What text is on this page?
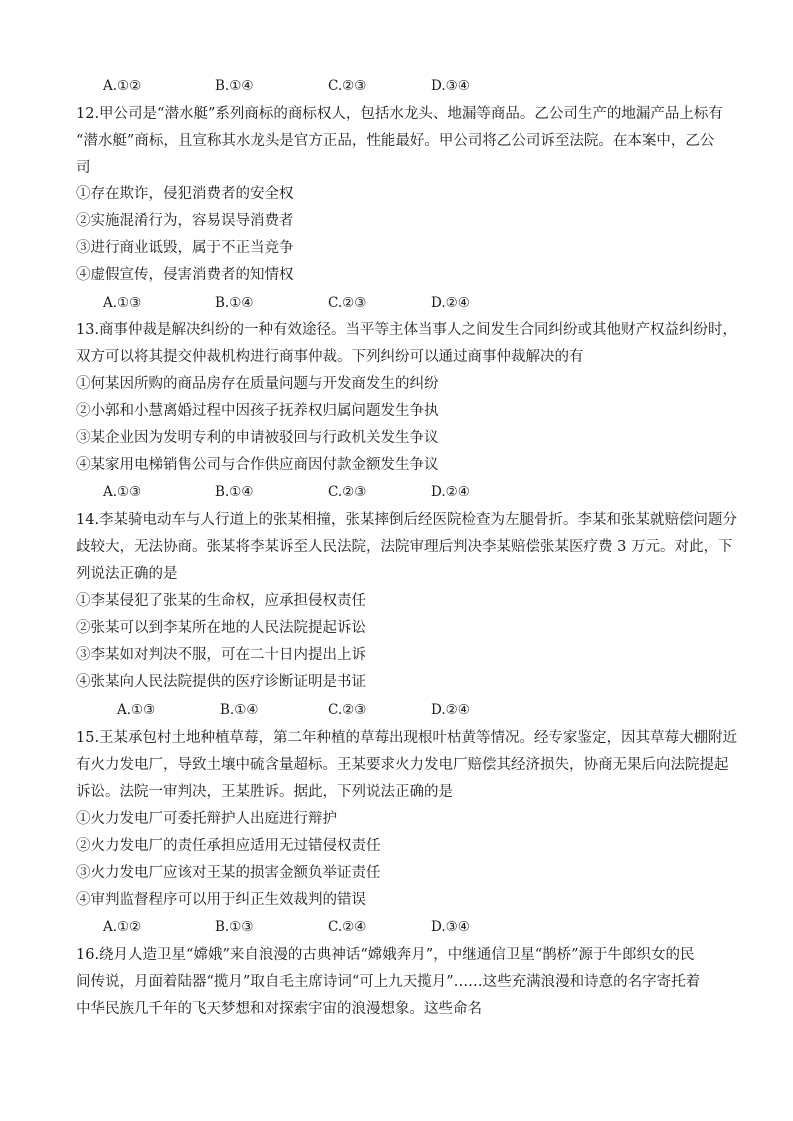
A.①②	B.①④	C.②③	D.③④
12.甲公司是“潜水艇”系列商标的商标权人，包括水龙头、地漏等商品。乙公司生产的地漏产品上标有
“潜水艇”商标，且宣称其水龙头是官方正品，性能最好。甲公司将乙公司诉至法院。在本案中，乙公
司
①存在欺诈，侵犯消费者的安全权
②实施混淆行为，容易误导消费者
③进行商业诋毁，属于不正当竞争
④虚假宣传，侵害消费者的知情权
A.①③	B.①④	C.②③	D.②④
13.商事仲裁是解决纠纷的一种有效途径。当平等主体当事人之间发生合同纠纷或其他财产权益纠纷时，
双方可以将其提交仲裁机构进行商事仲裁。下列纠纷可以通过商事仲裁解决的有
①何某因所购的商品房存在质量问题与开发商发生的纠纷
②小郭和小慧离婚过程中因孩子抚养权归属问题发生争执
③某企业因为发明专利的申请被驳回与行政机关发生争议
④某家用电梯销售公司与合作供应商因付款金额发生争议
A.①③	B.①④	C.②③	D.②④
14.李某骑电动车与人行道上的张某相撞，张某摔倒后经医院检查为左腿骨折。李某和张某就赔偿问题分
歧较大，无法协商。张某将李某诉至人民法院，法院审理后判决李某赔偿张某医疗费 3 万元。对此，下
列说法正确的是
①李某侵犯了张某的生命权，应承担侵权责任
②张某可以到李某所在地的人民法院提起诉讼
③李某如对判决不服，可在二十日内提出上诉
④张某向人民法院提供的医疗诊断证明是书证
A.①③	B.①④	C.②③	D.②④
15.王某承包村土地种植草莓，第二年种植的草莓出现根叶枯黄等情况。经专家鉴定，因其草莓大棚附近
有火力发电厂，导致土壤中硫含量超标。王某要求火力发电厂赔偿其经济损失，协商无果后向法院提起
诉讼。法院一审判决，王某胜诉。据此，下列说法正确的是
①火力发电厂可委托辩护人出庭进行辩护
②火力发电厂的责任承担应适用无过错侵权责任
③火力发电厂应该对王某的损害金额负举证责任
④审判监督程序可以用于纠正生效裁判的错误
A.①②	B.①③	C.②④	D.③④
16.绕月人造卫星“嫦娥”来自浪漫的古典神话“嫦娥奔月”，中继通信卫星“鹊桥”源于牛郎织女的民
间传说，月面着陆器“揽月”取自毛主席诗词“可上九天揽月”……这些充满浪漫和诗意的名字寄托着
中华民族几千年的飞天梦想和对探索宇宙的浪漫想象。这些命名
